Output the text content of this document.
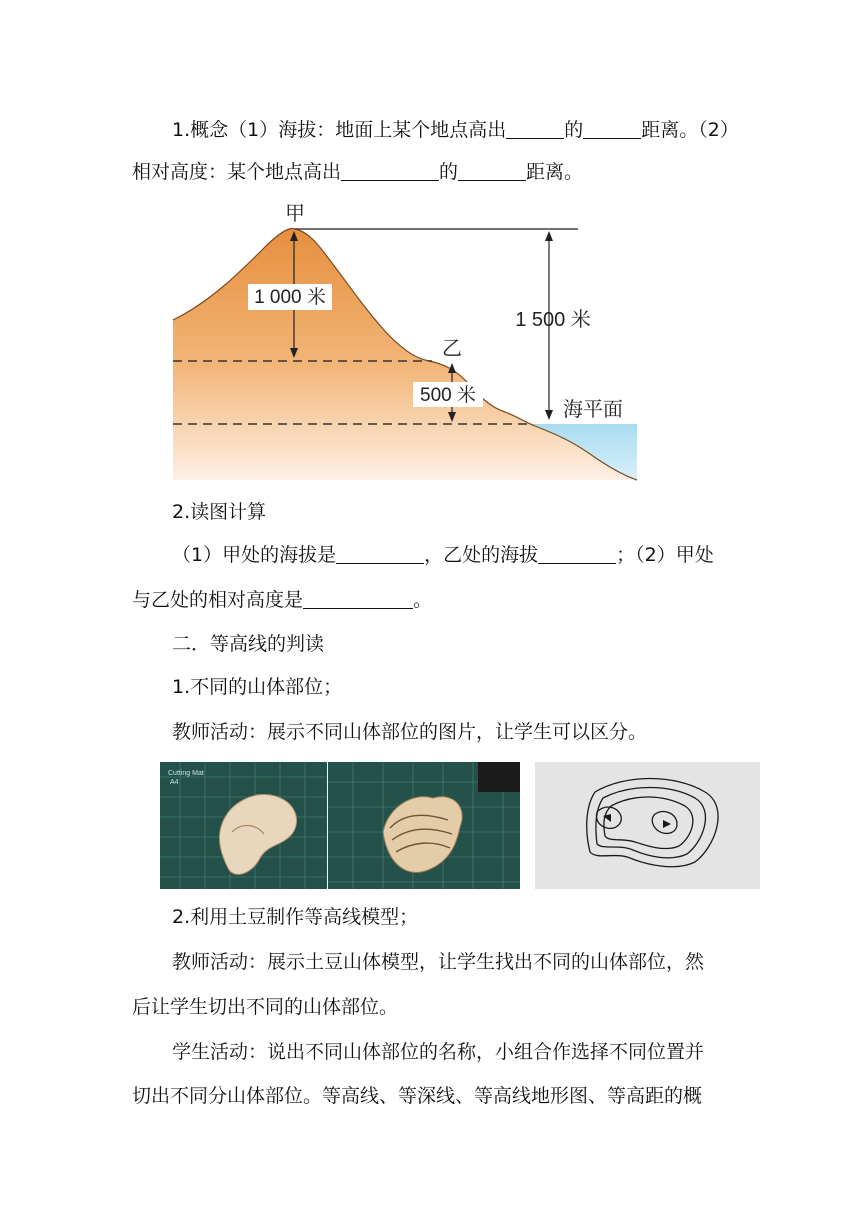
1.概念（1）海拔：地面上某个地点高出	的	距离。（2）
相对高度：某个地点高出	的	距离。
1 000 米
500 米
1 500 米
甲
乙
海平面
2.读图计算
（1）甲处的海拔是	，乙处的海拔	；（2）甲处
与乙处的相对高度是	。
二．等高线的判读
1.不同的山体部位；
教师活动：展示不同山体部位的图片，让学生可以区分。
Cutting Mat
A4
2.利用土豆制作等高线模型；
教师活动：展示土豆山体模型，让学生找出不同的山体部位，然
后让学生切出不同的山体部位。
学生活动：说出不同山体部位的名称，小组合作选择不同位置并
切出不同分山体部位。等高线、等深线、等高线地形图、等高距的概
